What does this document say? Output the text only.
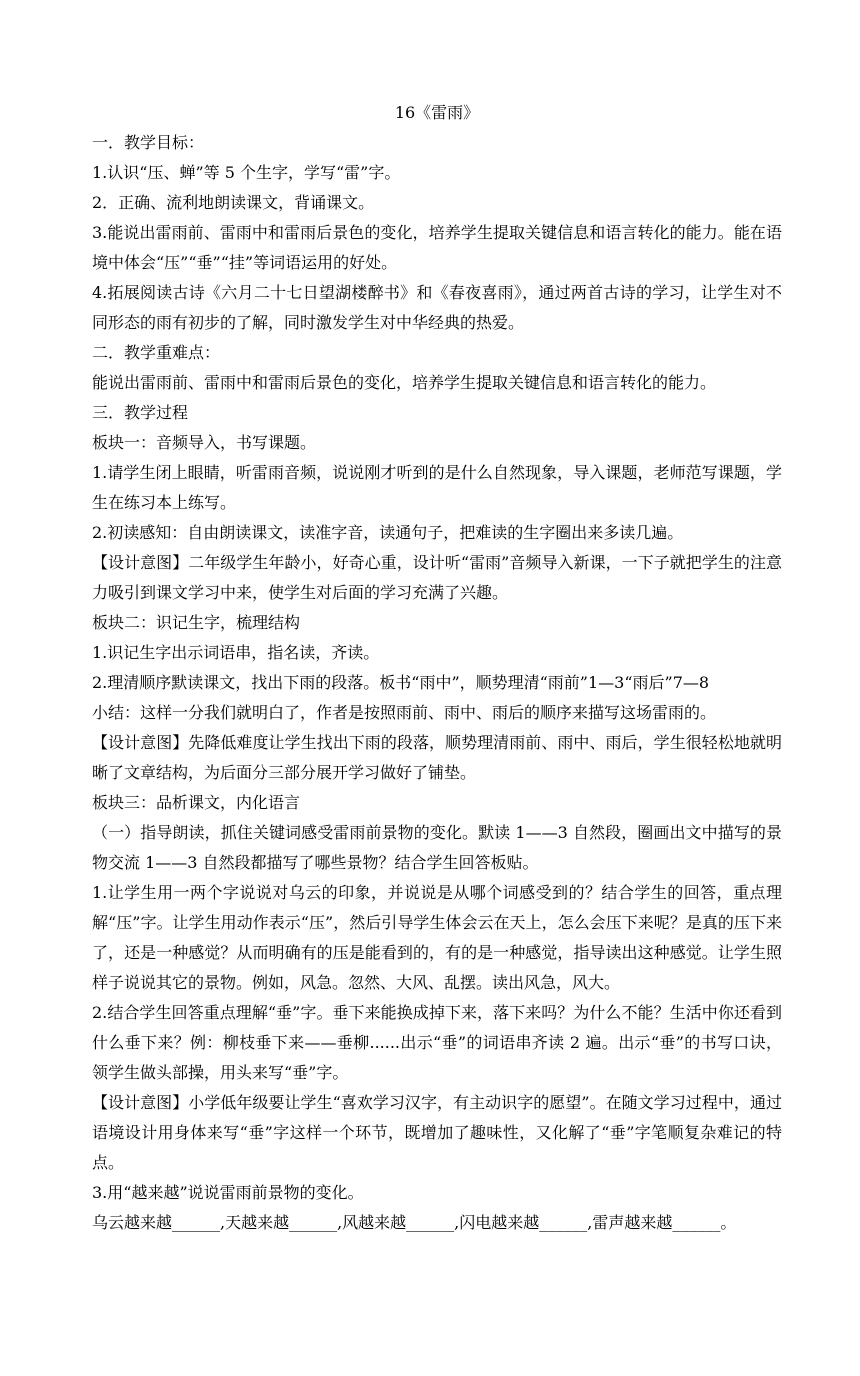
16《雷雨》

一．教学目标：

1.认识“压、蝉”等 5 个生字，学写“雷”字。

2．正确、流利地朗读课文，背诵课文。

3.能说出雷雨前、雷雨中和雷雨后景色的变化，培养学生提取关键信息和语言转化的能力。能在语境中体会“压”“垂”“挂”等词语运用的好处。

4.拓展阅读古诗《六月二十七日望湖楼醉书》和《春夜喜雨》，通过两首古诗的学习，让学生对不同形态的雨有初步的了解，同时激发学生对中华经典的热爱。

二．教学重难点：

能说出雷雨前、雷雨中和雷雨后景色的变化，培养学生提取关键信息和语言转化的能力。

三．教学过程

板块一：音频导入，书写课题。

1.请学生闭上眼睛，听雷雨音频，说说刚才听到的是什么自然现象，导入课题，老师范写课题，学生在练习本上练写。

2.初读感知：自由朗读课文，读准字音，读通句子，把难读的生字圈出来多读几遍。

【设计意图】二年级学生年龄小，好奇心重，设计听“雷雨”音频导入新课，一下子就把学生的注意力吸引到课文学习中来，使学生对后面的学习充满了兴趣。

板块二：识记生字，梳理结构

1.识记生字出示词语串，指名读，齐读。

2.理清顺序默读课文，找出下雨的段落。板书“雨中”，顺势理清“雨前”1—3“雨后”7—8

小结：这样一分我们就明白了，作者是按照雨前、雨中、雨后的顺序来描写这场雷雨的。

【设计意图】先降低难度让学生找出下雨的段落，顺势理清雨前、雨中、雨后，学生很轻松地就明晰了文章结构，为后面分三部分展开学习做好了铺垫。

板块三：品析课文，内化语言

（一）指导朗读，抓住关键词感受雷雨前景物的变化。默读 1——3 自然段，圈画出文中描写的景物交流 1——3 自然段都描写了哪些景物？结合学生回答板贴。

1.让学生用一两个字说说对乌云的印象，并说说是从哪个词感受到的？结合学生的回答，重点理解“压”字。让学生用动作表示“压”，然后引导学生体会云在天上，怎么会压下来呢？是真的压下来了，还是一种感觉？从而明确有的压是能看到的，有的是一种感觉，指导读出这种感觉。让学生照样子说说其它的景物。例如，风急。忽然、大风、乱摆。读出风急，风大。

2.结合学生回答重点理解“垂”字。垂下来能换成掉下来，落下来吗？为什么不能？生活中你还看到什么垂下来？例：柳枝垂下来——垂柳......出示“垂”的词语串齐读 2 遍。出示“垂”的书写口诀，领学生做头部操，用头来写“垂”字。

【设计意图】小学低年级要让学生“喜欢学习汉字，有主动识字的愿望”。在随文学习过程中，通过语境设计用身体来写“垂”字这样一个环节，既增加了趣味性，又化解了“垂”字笔顺复杂难记的特点。

3.用“越来越”说说雷雨前景物的变化。

乌云越来越______,天越来越______,风越来越______,闪电越来越______,雷声越来越______。
